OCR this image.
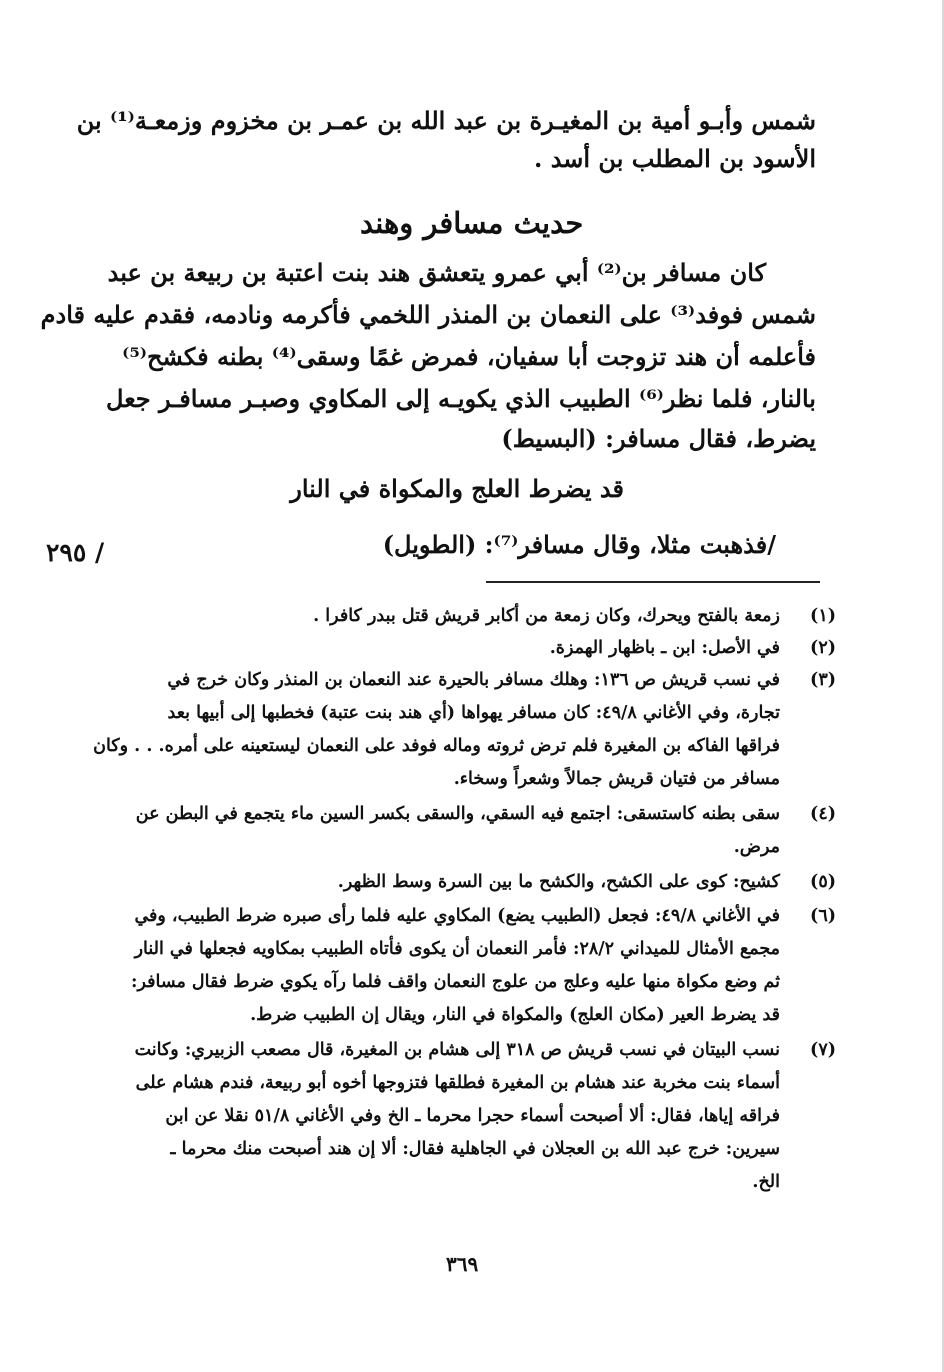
شمس وأبـو أمية بن المغيـرة بن عبد الله بن عمـر بن مخزوم وزمعـة⁽¹⁾ بن
الأسود بن المطلب بن أسد .
حديث مسافر وهند
كان مسافر بن⁽²⁾ أبي عمرو يتعشق هند بنت اعتبة بن ربيعة بن عبد
شمس فوفد⁽³⁾ على النعمان بن المنذر اللخمي فأكرمه ونادمه، فقدم عليه قادم
فأعلمه أن هند تزوجت أبا سفيان، فمرض غمًا وسقى⁽⁴⁾ بطنه فكشح⁽⁵⁾
بالنار، فلما نظر⁽⁶⁾ الطبيب الذي يكويـه إلى المكاوي وصبـر مسافـر جعل
يضرط، فقال مسافر: (البسيط)
قد يضرط العلج والمكواة في النار
/فذهبت مثلا، وقال مسافر⁽⁷⁾: (الطويل)
/ ٢٩٥
(١)
زمعة بالفتح ويحرك، وكان زمعة من أكابر قريش قتل ببدر كافرا .
(٢)
في الأصل: ابن ـ باظهار الهمزة.
(٣)
في نسب قريش ص ١٣٦: وهلك مسافر بالحيرة عند النعمان بن المنذر وكان خرج في
تجارة، وفي الأغاني ٤٩/٨: كان مسافر يهواها (أي هند بنت عتبة) فخطبها إلى أبيها بعد
فراقها الفاكه بن المغيرة فلم ترض ثروته وماله فوفد على النعمان ليستعينه على أمره. . . وكان
مسافر من فتيان قريش جمالاً وشعراً وسخاء.
(٤)
سقى بطنه كاستسقى: اجتمع فيه السقي، والسقى بكسر السين ماء يتجمع في البطن عن
مرض.
(٥)
كشيح: كوى على الكشح، والكشح ما بين السرة وسط الظهر.
(٦)
في الأغاني ٤٩/٨: فجعل (الطبيب يضع) المكاوي عليه فلما رأى صبره ضرط الطبيب، وفي
مجمع الأمثال للميداني ٢٨/٢: فأمر النعمان أن يكوى فأتاه الطبيب بمكاويه فجعلها في النار
ثم وضع مكواة منها عليه وعلج من علوج النعمان واقف فلما رآه يكوي ضرط فقال مسافر:
قد يضرط العير (مكان العلج) والمكواة في النار، ويقال إن الطبيب ضرط.
(٧)
نسب البيتان في نسب قريش ص ٣١٨ إلى هشام بن المغيرة، قال مصعب الزبيري: وكانت
أسماء بنت مخربة عند هشام بن المغيرة فطلقها فتزوجها أخوه أبو ربيعة، فندم هشام على
فراقه إياها، فقال: ألا أصبحت أسماء حجرا محرما ـ الخ وفي الأغاني ٥١/٨ نقلا عن ابن
سيرين: خرج عبد الله بن العجلان في الجاهلية فقال: ألا إن هند أصبحت منك محرما ـ
الخ.
٣٦٩
